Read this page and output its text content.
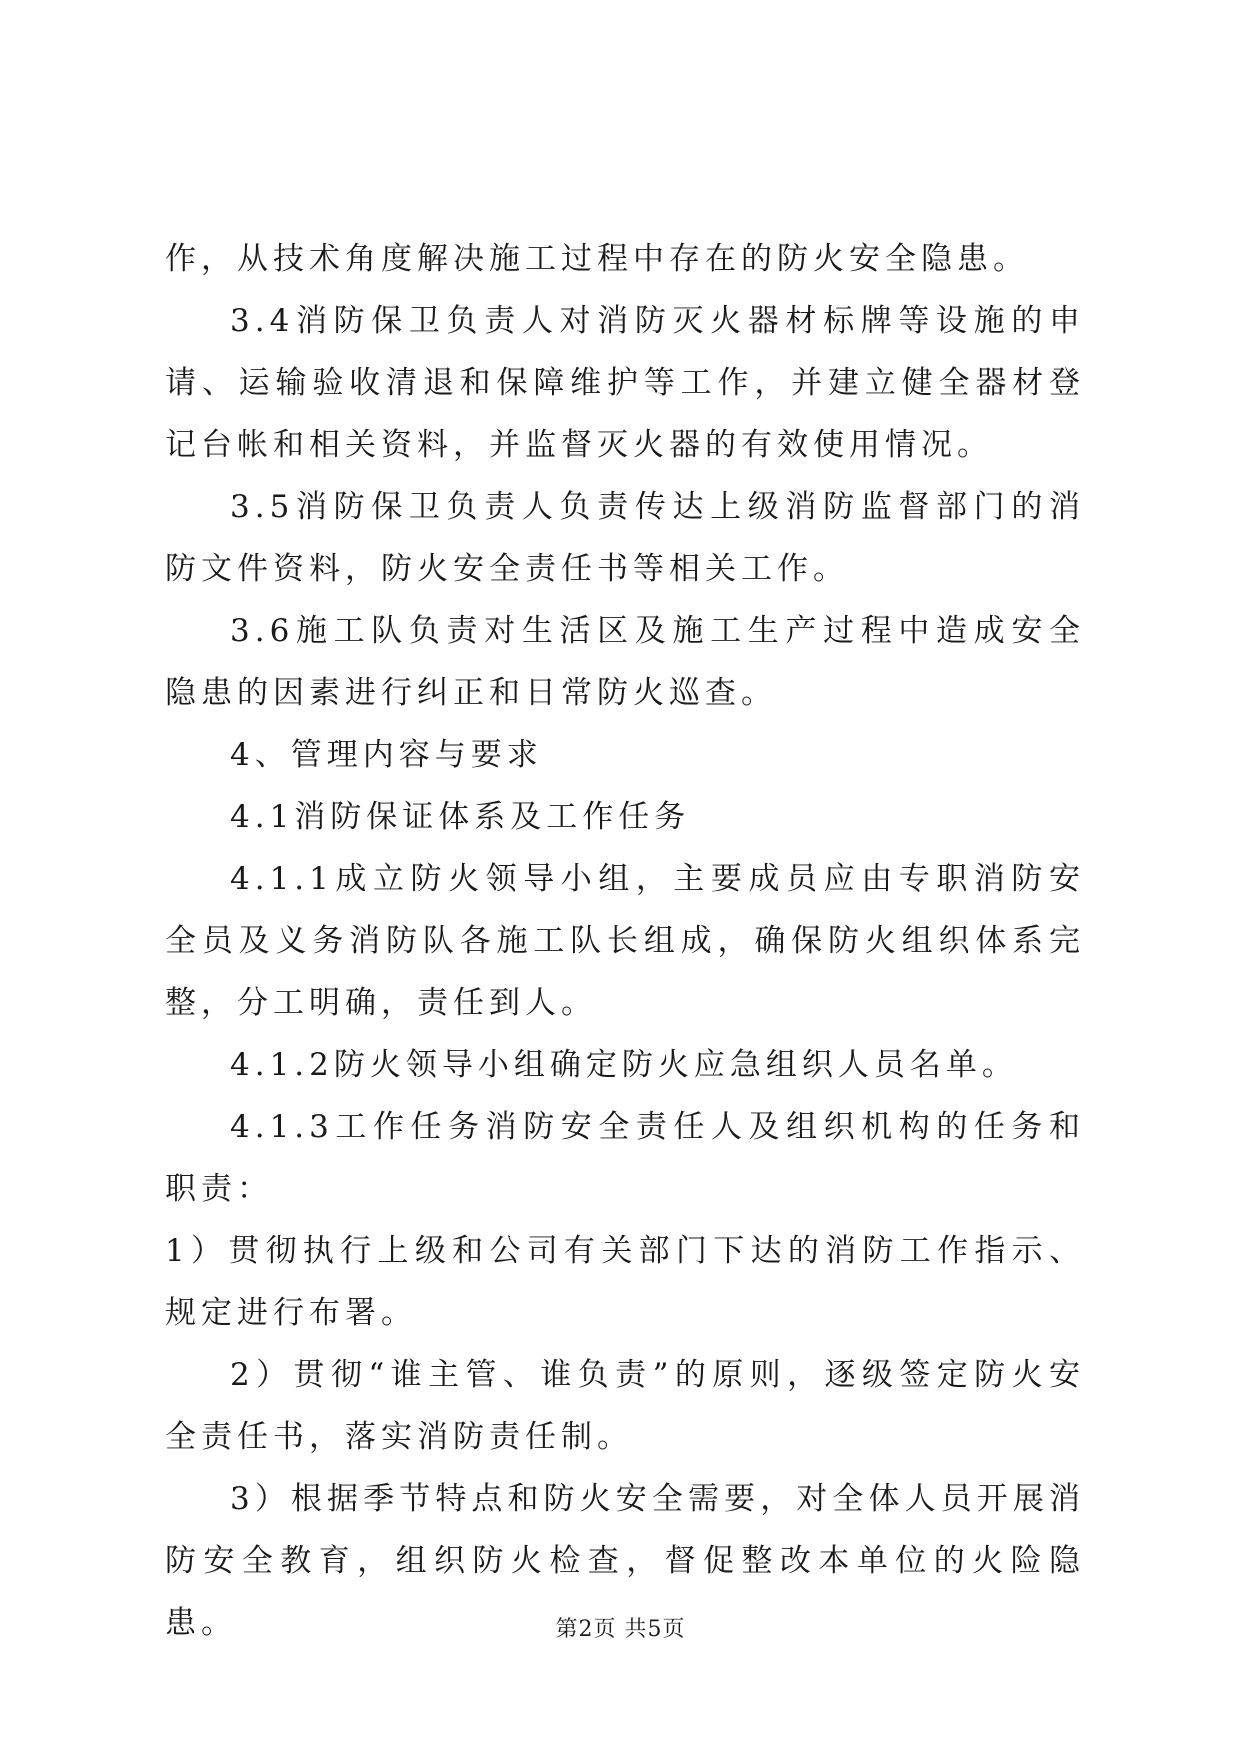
作，从技术角度解决施工过程中存在的防火安全隐患。

3.4消防保卫负责人对消防灭火器材标牌等设施的申请、运输验收清退和保障维护等工作，并建立健全器材登记台帐和相关资料，并监督灭火器的有效使用情况。

3.5消防保卫负责人负责传达上级消防监督部门的消防文件资料，防火安全责任书等相关工作。

3.6施工队负责对生活区及施工生产过程中造成安全隐患的因素进行纠正和日常防火巡查。

4、管理内容与要求

4.1消防保证体系及工作任务

4.1.1成立防火领导小组，主要成员应由专职消防安全员及义务消防队各施工队长组成，确保防火组织体系完整，分工明确，责任到人。

4.1.2防火领导小组确定防火应急组织人员名单。

4.1.3工作任务消防安全责任人及组织机构的任务和职责：

1）贯彻执行上级和公司有关部门下达的消防工作指示、规定进行布署。

2）贯彻“谁主管、谁负责”的原则，逐级签定防火安全责任书，落实消防责任制。

3）根据季节特点和防火安全需要，对全体人员开展消防安全教育，组织防火检查，督促整改本单位的火险隐患。	第2页 共5页
